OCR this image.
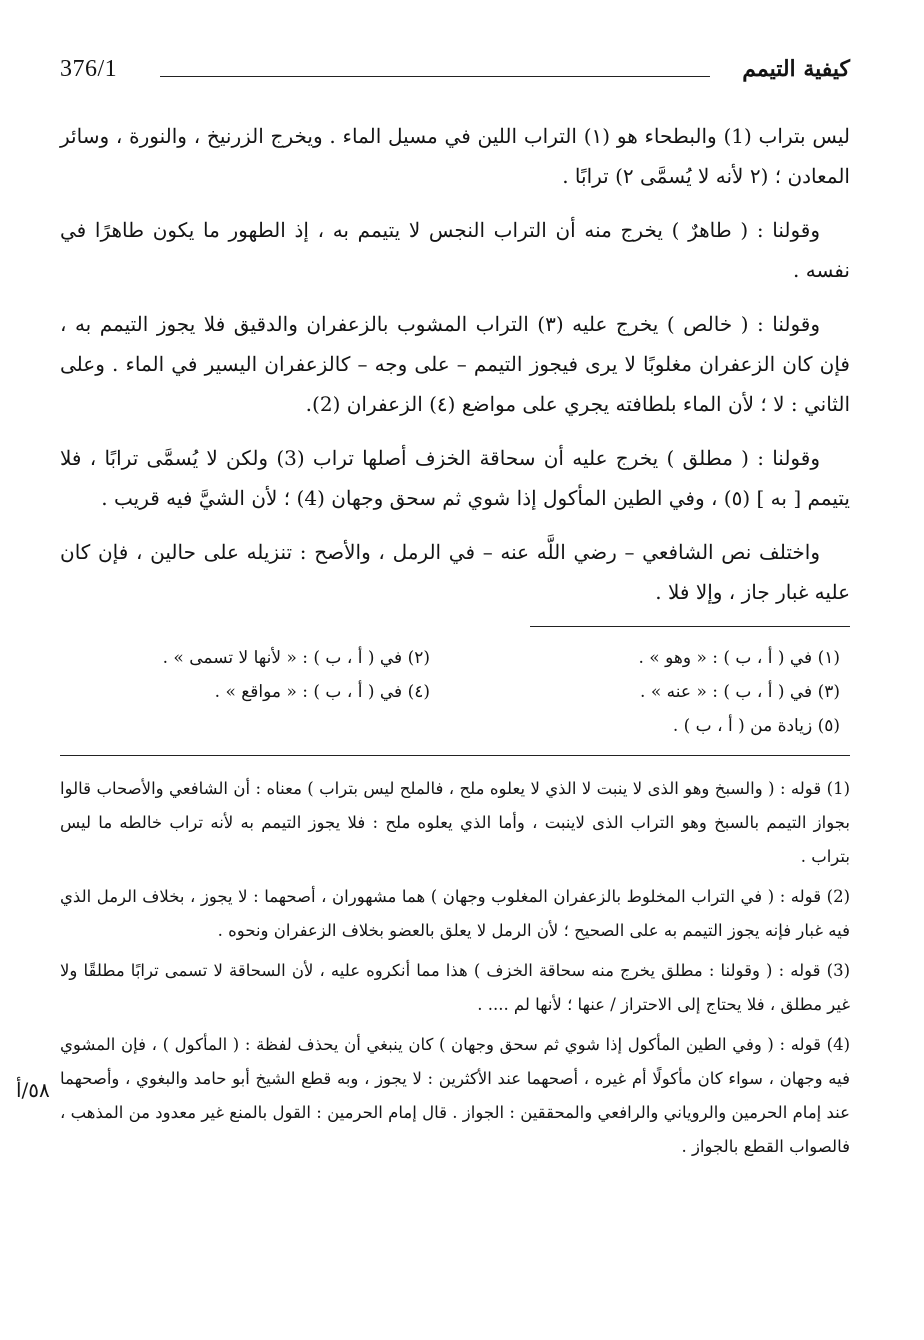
376/1	كيفية التيمم

ليس بتراب (1) والبطحاء هو (١) التراب اللين في مسيل الماء . ويخرج الزرنيخ ، والنورة ، وسائر المعادن ؛ (٢ لأنه لا يُسمَّى ٢) ترابًا .

وقولنا : ( طاهرٌ ) يخرج منه أن التراب النجس لا يتيمم به ، إذ الطهور ما يكون طاهرًا في نفسه .

وقولنا : ( خالص ) يخرج عليه (٣) التراب المشوب بالزعفران والدقيق فلا يجوز التيمم به ، فإن كان الزعفران مغلوبًا لا يرى فيجوز التيمم – على وجه – كالزعفران اليسير في الماء . وعلى الثاني : لا ؛ لأن الماء بلطافته يجري على مواضع (٤) الزعفران (2).

وقولنا : ( مطلق ) يخرج عليه أن سحاقة الخزف أصلها تراب (3) ولكن لا يُسمَّى ترابًا ، فلا يتيمم [ به ] (٥) ، وفي الطين المأكول إذا شوي ثم سحق وجهان (4) ؛ لأن الشيَّ فيه قريب .

واختلف نص الشافعي – رضي اللَّه عنه – في الرمل ، والأصح : تنزيله على حالين ، فإن كان عليه غبار جاز ، وإلا فلا .

(١) في ( أ ، ب ) : « وهو » .
(٢) في ( أ ، ب ) : « لأنها لا تسمى » .
(٣) في ( أ ، ب ) : « عنه » .
(٤) في ( أ ، ب ) : « مواقع » .
(٥) زيادة من ( أ ، ب ) .

(1) قوله : ( والسبخ وهو الذى لا ينبت لا الذي لا يعلوه ملح ، فالملح ليس بتراب ) معناه : أن الشافعي والأصحاب قالوا بجواز التيمم بالسبخ وهو التراب الذى لاينبت ، وأما الذي يعلوه ملح : فلا يجوز التيمم به لأنه تراب خالطه ما ليس بتراب .

(2) قوله : ( في التراب المخلوط بالزعفران المغلوب وجهان ) هما مشهوران ، أصحهما : لا يجوز ، بخلاف الرمل الذي فيه غبار فإنه يجوز التيمم به على الصحيح ؛ لأن الرمل لا يعلق بالعضو بخلاف الزعفران ونحوه .

(3) قوله : ( وقولنا : مطلق يخرج منه سحاقة الخزف ) هذا مما أنكروه عليه ، لأن السحاقة لا تسمى ترابًا مطلقًا ولا غير مطلق ، فلا يحتاج إلى الاحتراز / عنها ؛ لأنها لم .... .

(4) قوله : ( وفي الطين المأكول إذا شوي ثم سحق وجهان ) كان ينبغي أن يحذف لفظة : ( المأكول ) ، فإن المشوي فيه وجهان ، سواء كان مأكولًا أم غيره ، أصحهما عند الأكثرين : لا يجوز ، وبه قطع الشيخ أبو حامد والبغوي ، وأصحهما عند إمام الحرمين والروياني والرافعي والمحققين : الجواز . قال إمام الحرمين : القول بالمنع غير معدود من المذهب ، فالصواب القطع بالجواز .

٥٨/أ
